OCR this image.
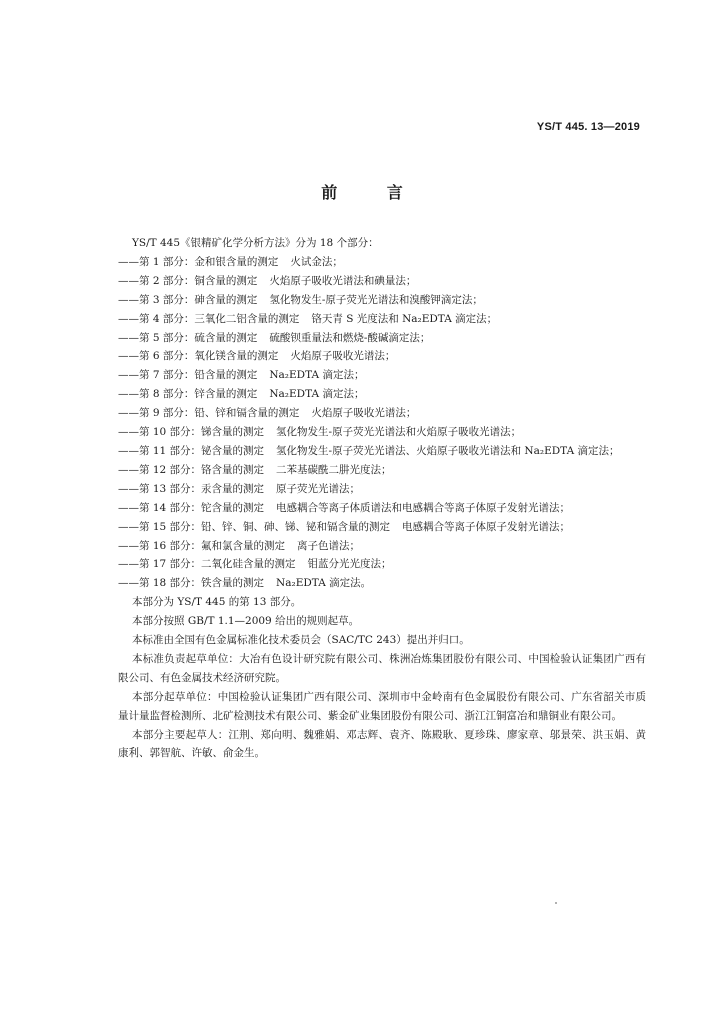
YS/T 445. 13—2019
前 言

YS/T 445《银精矿化学分析方法》分为 18 个部分：

—— 第 1 部分：金和银含量的测定 火试金法；
—— 第 2 部分：铜含量的测定 火焰原子吸收光谱法和碘量法；
—— 第 3 部分：砷含量的测定 氢化物发生-原子荧光光谱法和溴酸钾滴定法；
—— 第 4 部分：三氧化二铝含量的测定 铬天青 S 光度法和 Na₂EDTA 滴定法；
—— 第 5 部分：硫含量的测定 硫酸钡重量法和燃烧-酸碱滴定法；
—— 第 6 部分：氧化镁含量的测定 火焰原子吸收光谱法；
—— 第 7 部分：铅含量的测定 Na₂EDTA 滴定法；
—— 第 8 部分：锌含量的测定 Na₂EDTA 滴定法；
—— 第 9 部分：铅、锌和镉含量的测定 火焰原子吸收光谱法；
—— 第 10 部分：锑含量的测定 氢化物发生-原子荧光光谱法和火焰原子吸收光谱法；
—— 第 11 部分：铋含量的测定 氢化物发生-原子荧光光谱法、火焰原子吸收光谱法和 Na₂EDTA 滴定法；
—— 第 12 部分：铬含量的测定 二苯基碳酰二肼光度法；
—— 第 13 部分：汞含量的测定 原子荧光光谱法；
—— 第 14 部分：铊含量的测定 电感耦合等离子体质谱法和电感耦合等离子体原子发射光谱法；
—— 第 15 部分：铅、锌、铜、砷、锑、铋和镉含量的测定 电感耦合等离子体原子发射光谱法；
—— 第 16 部分：氟和氯含量的测定 离子色谱法；
—— 第 17 部分：二氧化硅含量的测定 钼蓝分光光度法；
—— 第 18 部分：铁含量的测定 Na₂EDTA 滴定法。

本部分为 YS/T 445 的第 13 部分。

本部分按照 GB/T 1.1—2009 给出的规则起草。

本标准由全国有色金属标准化技术委员会（SAC/TC 243）提出并归口。

本标准负责起草单位：大冶有色设计研究院有限公司、株洲冶炼集团股份有限公司、中国检验认证集团广西有限公司、有色金属技术经济研究院。

本部分起草单位：中国检验认证集团广西有限公司、深圳市中金岭南有色金属股份有限公司、广东省韶关市质量计量监督检测所、北矿检测技术有限公司、紫金矿业集团股份有限公司、浙江江铜富冶和鼎铜业有限公司。

本部分主要起草人：江荆、郑向明、魏雅娟、邓志辉、袁齐、陈殿耿、夏珍珠、廖家章、邬景荣、洪玉娟、黄康利、郭智航、许敏、俞金生。
